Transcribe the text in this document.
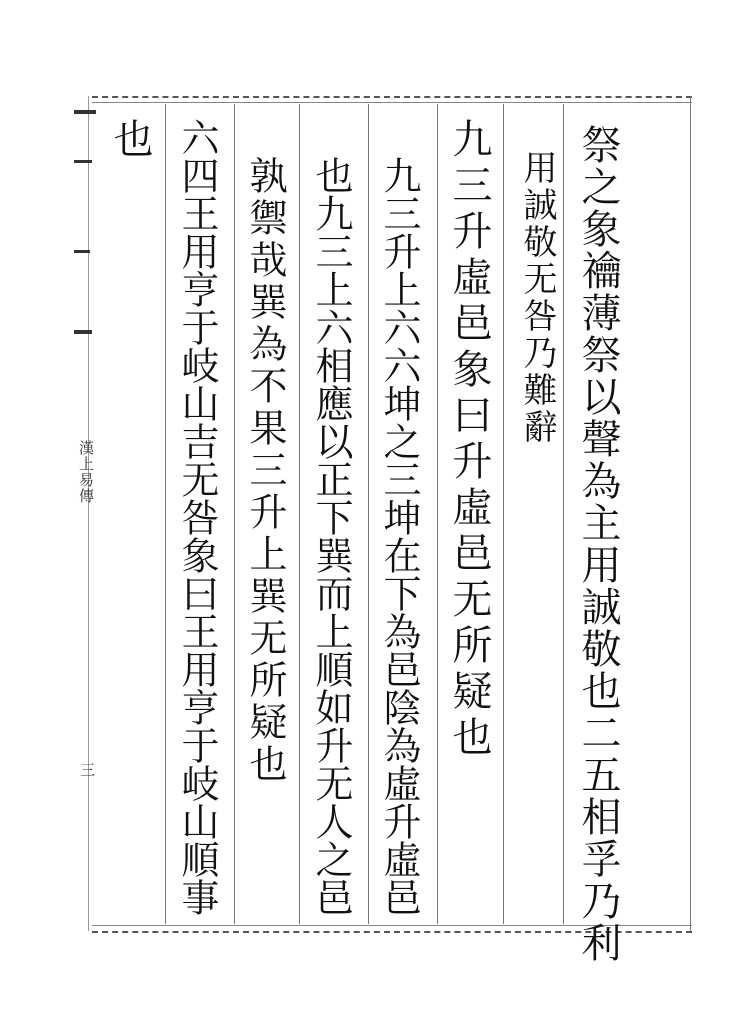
祭之象禴薄祭以聲為主用誠敬也二五相孚乃利
用誠敬无咎乃難辭
九三升虛邑象曰升虛邑无所疑也
九三升上六六坤之三坤在下為邑陰為虛升虛邑
也九三上六相應以正下巽而上順如升无人之邑
孰禦哉巽為不果三升上巽无所疑也
六四王用亨于岐山吉无咎象曰王用亨于岐山順事
也
漢上易傳
三
